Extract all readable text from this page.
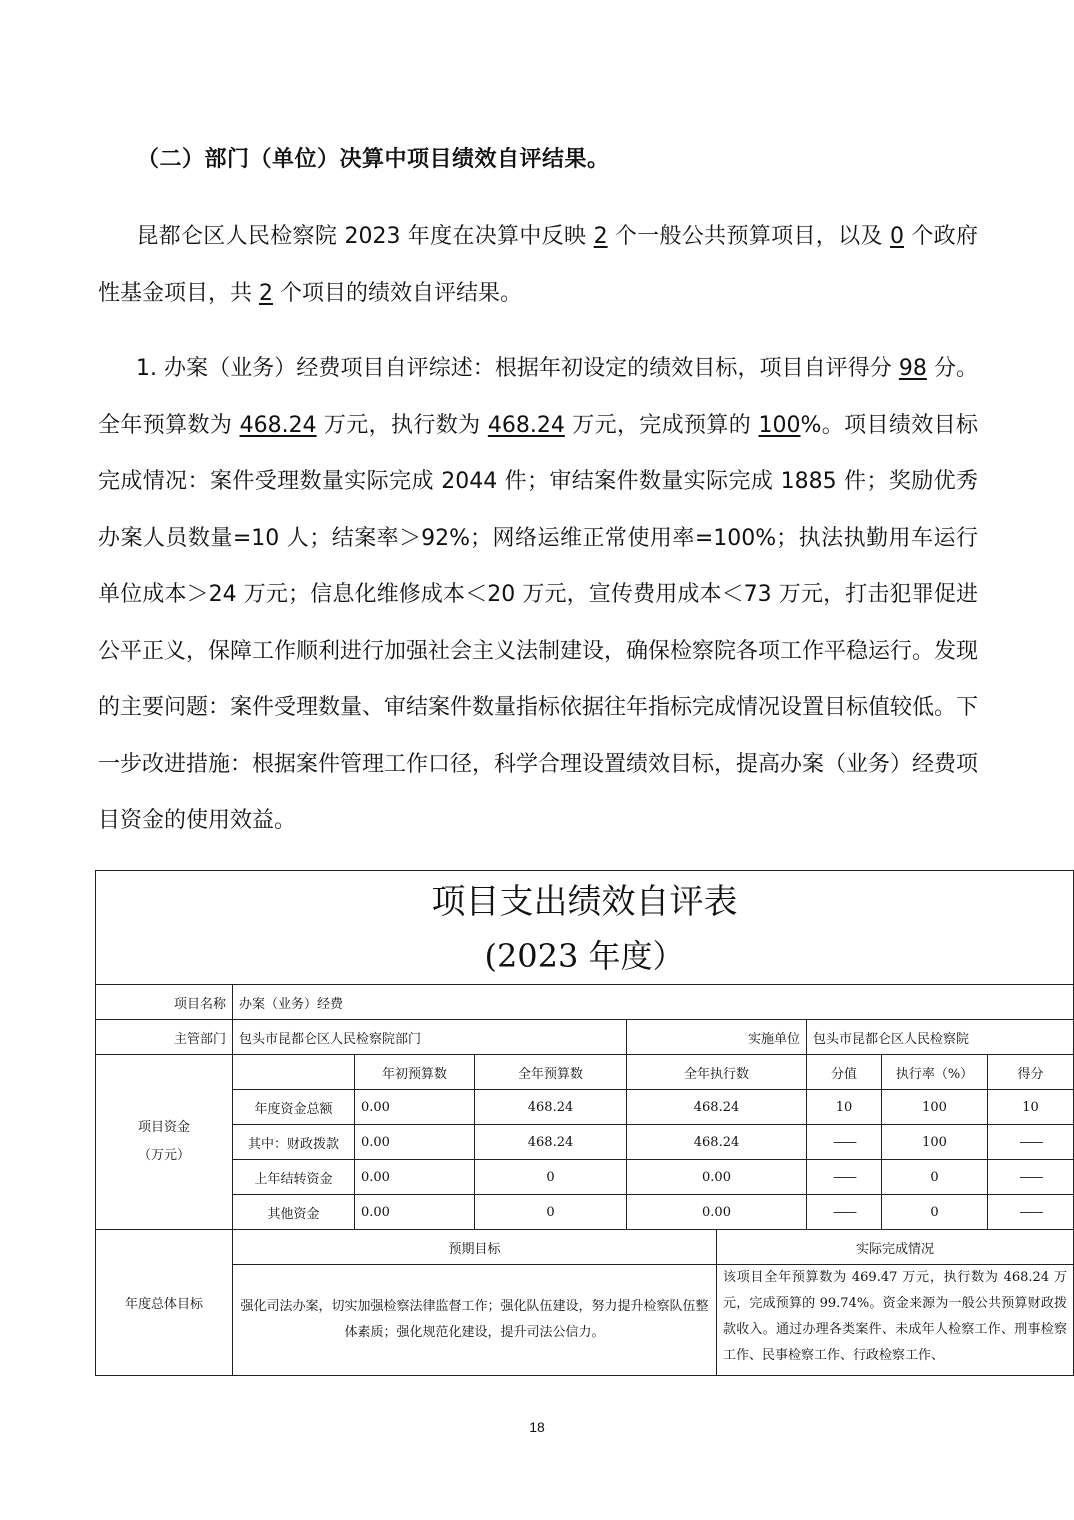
（二）部门（单位）决算中项目绩效自评结果。
昆都仑区人民检察院 2023 年度在决算中反映 2 个一般公共预算项目，以及 0 个政府性基金项目，共 2 个项目的绩效自评结果。
1. 办案（业务）经费项目自评综述：根据年初设定的绩效目标，项目自评得分 98 分。全年预算数为 468.24 万元，执行数为 468.24 万元，完成预算的 100%。项目绩效目标完成情况：案件受理数量实际完成 2044 件；审结案件数量实际完成 1885 件；奖励优秀办案人员数量=10 人；结案率＞92%；网络运维正常使用率=100%；执法执勤用车运行单位成本＞24 万元；信息化维修成本＜20 万元，宣传费用成本＜73 万元，打击犯罪促进公平正义，保障工作顺利进行加强社会主义法制建设，确保检察院各项工作平稳运行。发现的主要问题：案件受理数量、审结案件数量指标依据往年指标完成情况设置目标值较低。下一步改进措施：根据案件管理工作口径，科学合理设置绩效目标，提高办案（业务）经费项目资金的使用效益。
项目支出绩效自评表
(2023 年度）								

项目名称	办案（业务）经费							
主管部门	包头市昆都仑区人民检察院部门			实施单位		包头市昆都仑区人民检察院		
项目资金
（万元）		年初预算数	全年预算数	全年执行数		分值	执行率（%）	得分
	年度资金总额	0.00	468.24	468.24		10	100	10
	其中：财政拨款	0.00	468.24	468.24		——	100	——
	上年结转资金	0.00	0	0.00		——	0	——
	其他资金	0.00	0	0.00		——	0	——
年度总体目标	预期目标				实际完成情况			
	强化司法办案，切实加强检察法律监督工作；强化队伍建设，努力提升检察队伍整体素质；强化规范化建设，提升司法公信力。				该项目全年预算数为 469.47 万元，执行数为 468.24 万元，完成预算的 99.74%。资金来源为一般公共预算财政拨款收入。通过办理各类案件、未成年人检察工作、刑事检察工作、民事检察工作、行政检察工作、			
18
